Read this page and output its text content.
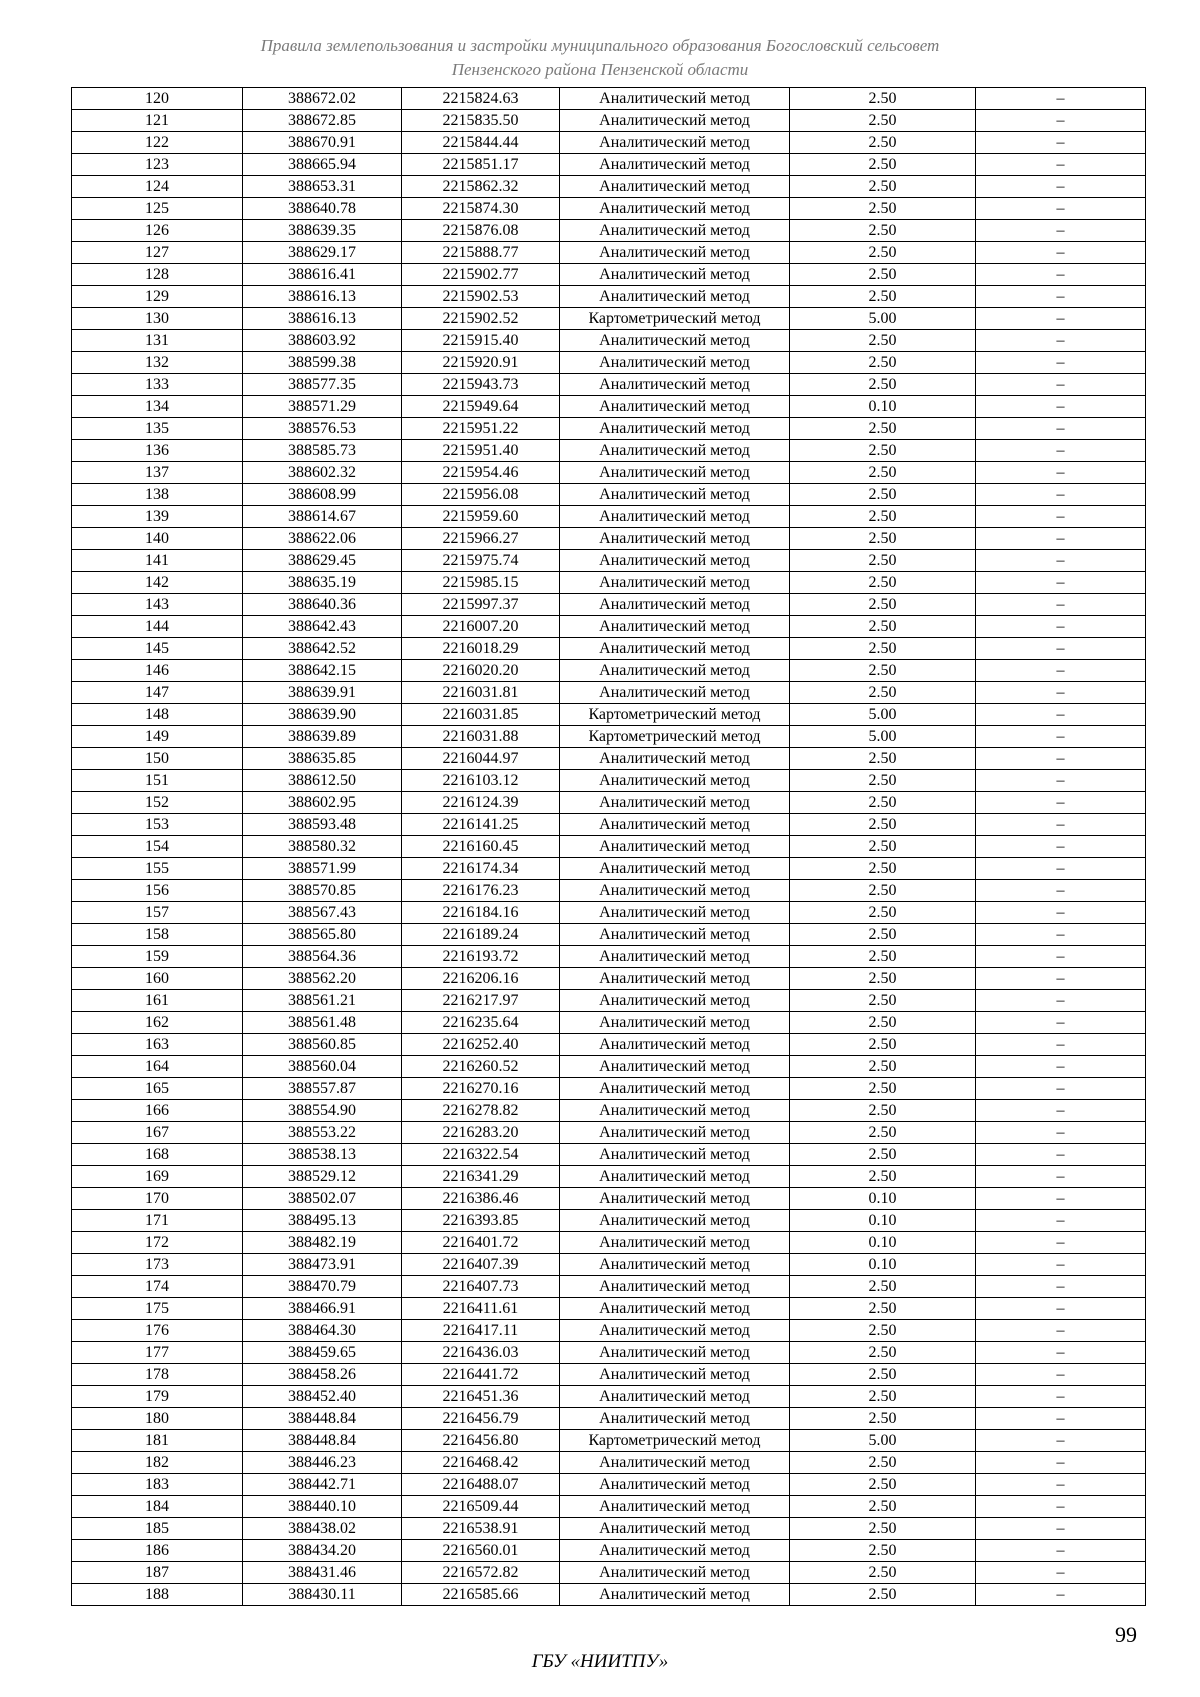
Правила землепользования и застройки муниципального образования Богословский сельсовет
Пензенского района Пензенской области
120	388672.02	2215824.63	Аналитический метод	2.50	–
121	388672.85	2215835.50	Аналитический метод	2.50	–
122	388670.91	2215844.44	Аналитический метод	2.50	–
123	388665.94	2215851.17	Аналитический метод	2.50	–
124	388653.31	2215862.32	Аналитический метод	2.50	–
125	388640.78	2215874.30	Аналитический метод	2.50	–
126	388639.35	2215876.08	Аналитический метод	2.50	–
127	388629.17	2215888.77	Аналитический метод	2.50	–
128	388616.41	2215902.77	Аналитический метод	2.50	–
129	388616.13	2215902.53	Аналитический метод	2.50	–
130	388616.13	2215902.52	Картометрический метод	5.00	–
131	388603.92	2215915.40	Аналитический метод	2.50	–
132	388599.38	2215920.91	Аналитический метод	2.50	–
133	388577.35	2215943.73	Аналитический метод	2.50	–
134	388571.29	2215949.64	Аналитический метод	0.10	–
135	388576.53	2215951.22	Аналитический метод	2.50	–
136	388585.73	2215951.40	Аналитический метод	2.50	–
137	388602.32	2215954.46	Аналитический метод	2.50	–
138	388608.99	2215956.08	Аналитический метод	2.50	–
139	388614.67	2215959.60	Аналитический метод	2.50	–
140	388622.06	2215966.27	Аналитический метод	2.50	–
141	388629.45	2215975.74	Аналитический метод	2.50	–
142	388635.19	2215985.15	Аналитический метод	2.50	–
143	388640.36	2215997.37	Аналитический метод	2.50	–
144	388642.43	2216007.20	Аналитический метод	2.50	–
145	388642.52	2216018.29	Аналитический метод	2.50	–
146	388642.15	2216020.20	Аналитический метод	2.50	–
147	388639.91	2216031.81	Аналитический метод	2.50	–
148	388639.90	2216031.85	Картометрический метод	5.00	–
149	388639.89	2216031.88	Картометрический метод	5.00	–
150	388635.85	2216044.97	Аналитический метод	2.50	–
151	388612.50	2216103.12	Аналитический метод	2.50	–
152	388602.95	2216124.39	Аналитический метод	2.50	–
153	388593.48	2216141.25	Аналитический метод	2.50	–
154	388580.32	2216160.45	Аналитический метод	2.50	–
155	388571.99	2216174.34	Аналитический метод	2.50	–
156	388570.85	2216176.23	Аналитический метод	2.50	–
157	388567.43	2216184.16	Аналитический метод	2.50	–
158	388565.80	2216189.24	Аналитический метод	2.50	–
159	388564.36	2216193.72	Аналитический метод	2.50	–
160	388562.20	2216206.16	Аналитический метод	2.50	–
161	388561.21	2216217.97	Аналитический метод	2.50	–
162	388561.48	2216235.64	Аналитический метод	2.50	–
163	388560.85	2216252.40	Аналитический метод	2.50	–
164	388560.04	2216260.52	Аналитический метод	2.50	–
165	388557.87	2216270.16	Аналитический метод	2.50	–
166	388554.90	2216278.82	Аналитический метод	2.50	–
167	388553.22	2216283.20	Аналитический метод	2.50	–
168	388538.13	2216322.54	Аналитический метод	2.50	–
169	388529.12	2216341.29	Аналитический метод	2.50	–
170	388502.07	2216386.46	Аналитический метод	0.10	–
171	388495.13	2216393.85	Аналитический метод	0.10	–
172	388482.19	2216401.72	Аналитический метод	0.10	–
173	388473.91	2216407.39	Аналитический метод	0.10	–
174	388470.79	2216407.73	Аналитический метод	2.50	–
175	388466.91	2216411.61	Аналитический метод	2.50	–
176	388464.30	2216417.11	Аналитический метод	2.50	–
177	388459.65	2216436.03	Аналитический метод	2.50	–
178	388458.26	2216441.72	Аналитический метод	2.50	–
179	388452.40	2216451.36	Аналитический метод	2.50	–
180	388448.84	2216456.79	Аналитический метод	2.50	–
181	388448.84	2216456.80	Картометрический метод	5.00	–
182	388446.23	2216468.42	Аналитический метод	2.50	–
183	388442.71	2216488.07	Аналитический метод	2.50	–
184	388440.10	2216509.44	Аналитический метод	2.50	–
185	388438.02	2216538.91	Аналитический метод	2.50	–
186	388434.20	2216560.01	Аналитический метод	2.50	–
187	388431.46	2216572.82	Аналитический метод	2.50	–
188	388430.11	2216585.66	Аналитический метод	2.50	–
99
ГБУ «НИИТПУ»
